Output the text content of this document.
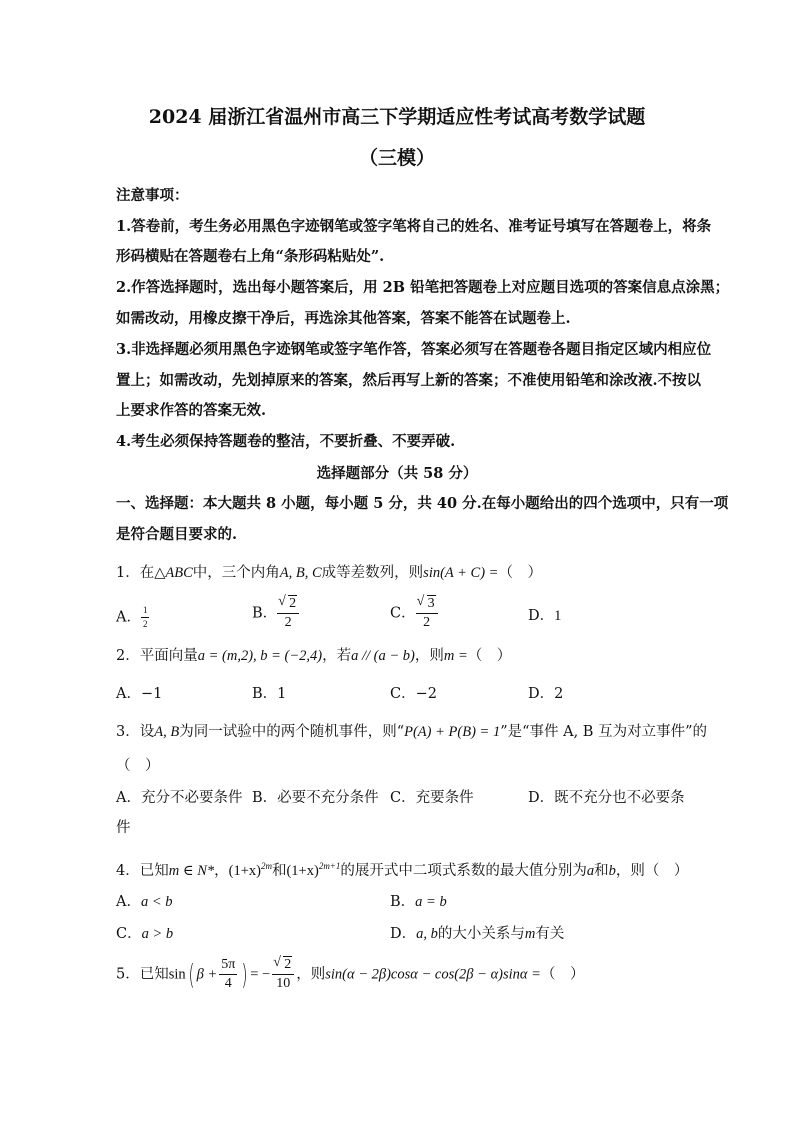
2024 届浙江省温州市高三下学期适应性考试高考数学试题
（三模）
注意事项：
1.答卷前，考生务必用黑色字迹钢笔或签字笔将自己的姓名、准考证号填写在答题卷上，将条
形码横贴在答题卷右上角“条形码粘贴处”.
2.作答选择题时，选出每小题答案后，用 2B 铅笔把答题卷上对应题目选项的答案信息点涂黑；
如需改动，用橡皮擦干净后，再选涂其他答案，答案不能答在试题卷上.
3.非选择题必须用黑色字迹钢笔或签字笔作答，答案必须写在答题卷各题目指定区域内相应位
置上；如需改动，先划掉原来的答案，然后再写上新的答案；不准使用铅笔和涂改液.不按以
上要求作答的答案无效.
4.考生必须保持答题卷的整洁，不要折叠、不要弄破.
选择题部分（共 58 分）
一、选择题：本大题共 8 小题，每小题 5 分，共 40 分.在每小题给出的四个选项中，只有一项
是符合题目要求的.
1．在△ABC中，三个内角A, B, C成等差数列，则sin(A + C) =（　）
A． $\frac{1}{2}$	B． √ $\frac{2}{2}$	C． √ $\frac{3}{2}$	D．1
2．平面向量a = (m,2), b = (−2,4)，若a // (a − b)，则m =（　）
A．−1	B．1	C．−2	D．2
3．设A, B为同一试验中的两个随机事件，则“P(A) + P(B) = 1”是“事件 A, B 互为对立事件”的
（　）
A．充分不必要条件 B．必要不充分条件 C．充要条件	D．既不充分也不必要条
件
4．已知m ∈ N*，$(1+x)^{2m}$和$(1+x)^{2m+1}$的展开式中二项式系数的最大值分别为a和b，则（　）
A．a < b	B．a = b
C．a > b	D．a, b的大小关系与m有关
5．已知sin( $\beta + \frac{5\pi}{4}$ ) = − √ $\frac{2}{10}$ ，则sin(α − 2β)cosα − cos(2β − α)sinα =（　）
